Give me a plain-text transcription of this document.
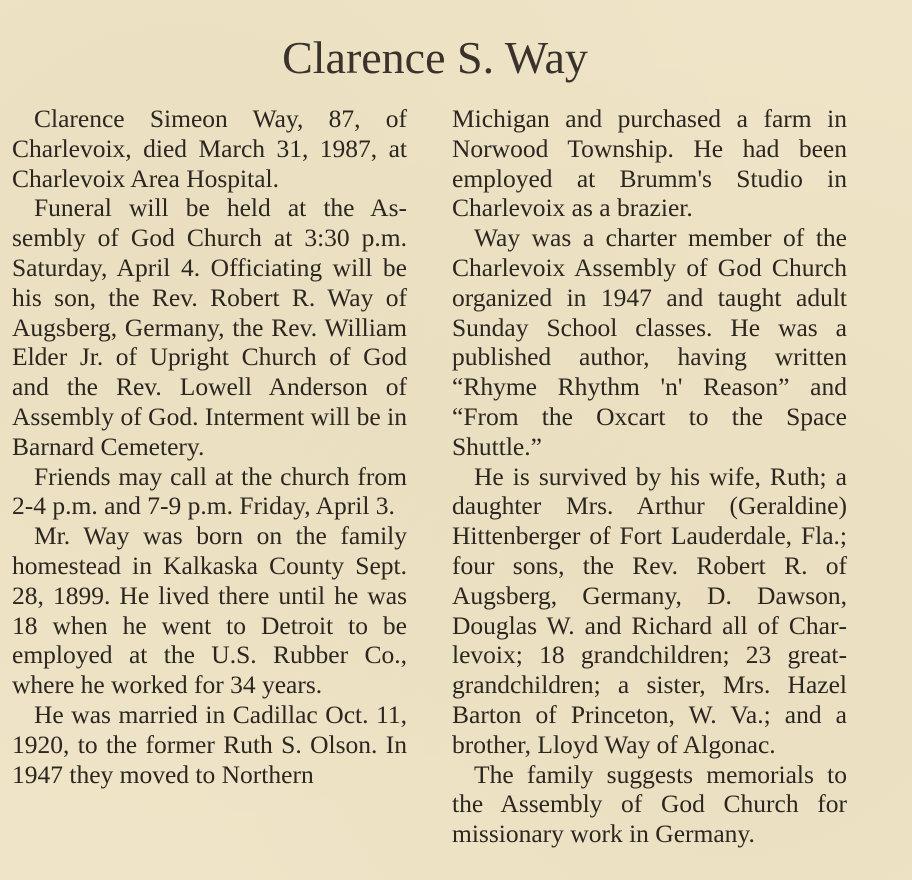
Clarence S. Way

Clarence Simeon Way, 87, of Charlevoix, died March 31, 1987, at Charlevoix Area Hospital.

Funeral will be held at the Assembly of God Church at 3:30 p.m. Saturday, April 4. Officiating will be his son, the Rev. Robert R. Way of Augsberg, Germany, the Rev. William Elder Jr. of Upright Church of God and the Rev. Lowell Anderson of Assembly of God. Interment will be in Barnard Cemetery.

Friends may call at the church from 2-4 p.m. and 7-9 p.m. Friday, April 3.

Mr. Way was born on the family homestead in Kalkaska County Sept. 28, 1899. He lived there until he was 18 when he went to Detroit to be employed at the U.S. Rubber Co., where he worked for 34 years.

He was married in Cadillac Oct. 11, 1920, to the former Ruth S. Olson. In 1947 they moved to Northern

Michigan and purchased a farm in Norwood Township. He had been employed at Brumm's Studio in Charlevoix as a brazier.

Way was a charter member of the Charlevoix Assembly of God Church organized in 1947 and taught adult Sunday School classes. He was a published author, having written “Rhyme Rhythm 'n' Reason” and “From the Oxcart to the Space Shuttle.”

He is survived by his wife, Ruth; a daughter Mrs. Arthur (Geraldine) Hittenberger of Fort Lauderdale, Fla.; four sons, the Rev. Robert R. of Augsberg, Germany, D. Dawson, Douglas W. and Richard all of Charlevoix; 18 grandchildren; 23 great-grandchildren; a sister, Mrs. Hazel Barton of Princeton, W. Va.; and a brother, Lloyd Way of Algonac.

The family suggests memorials to the Assembly of God Church for missionary work in Germany.
